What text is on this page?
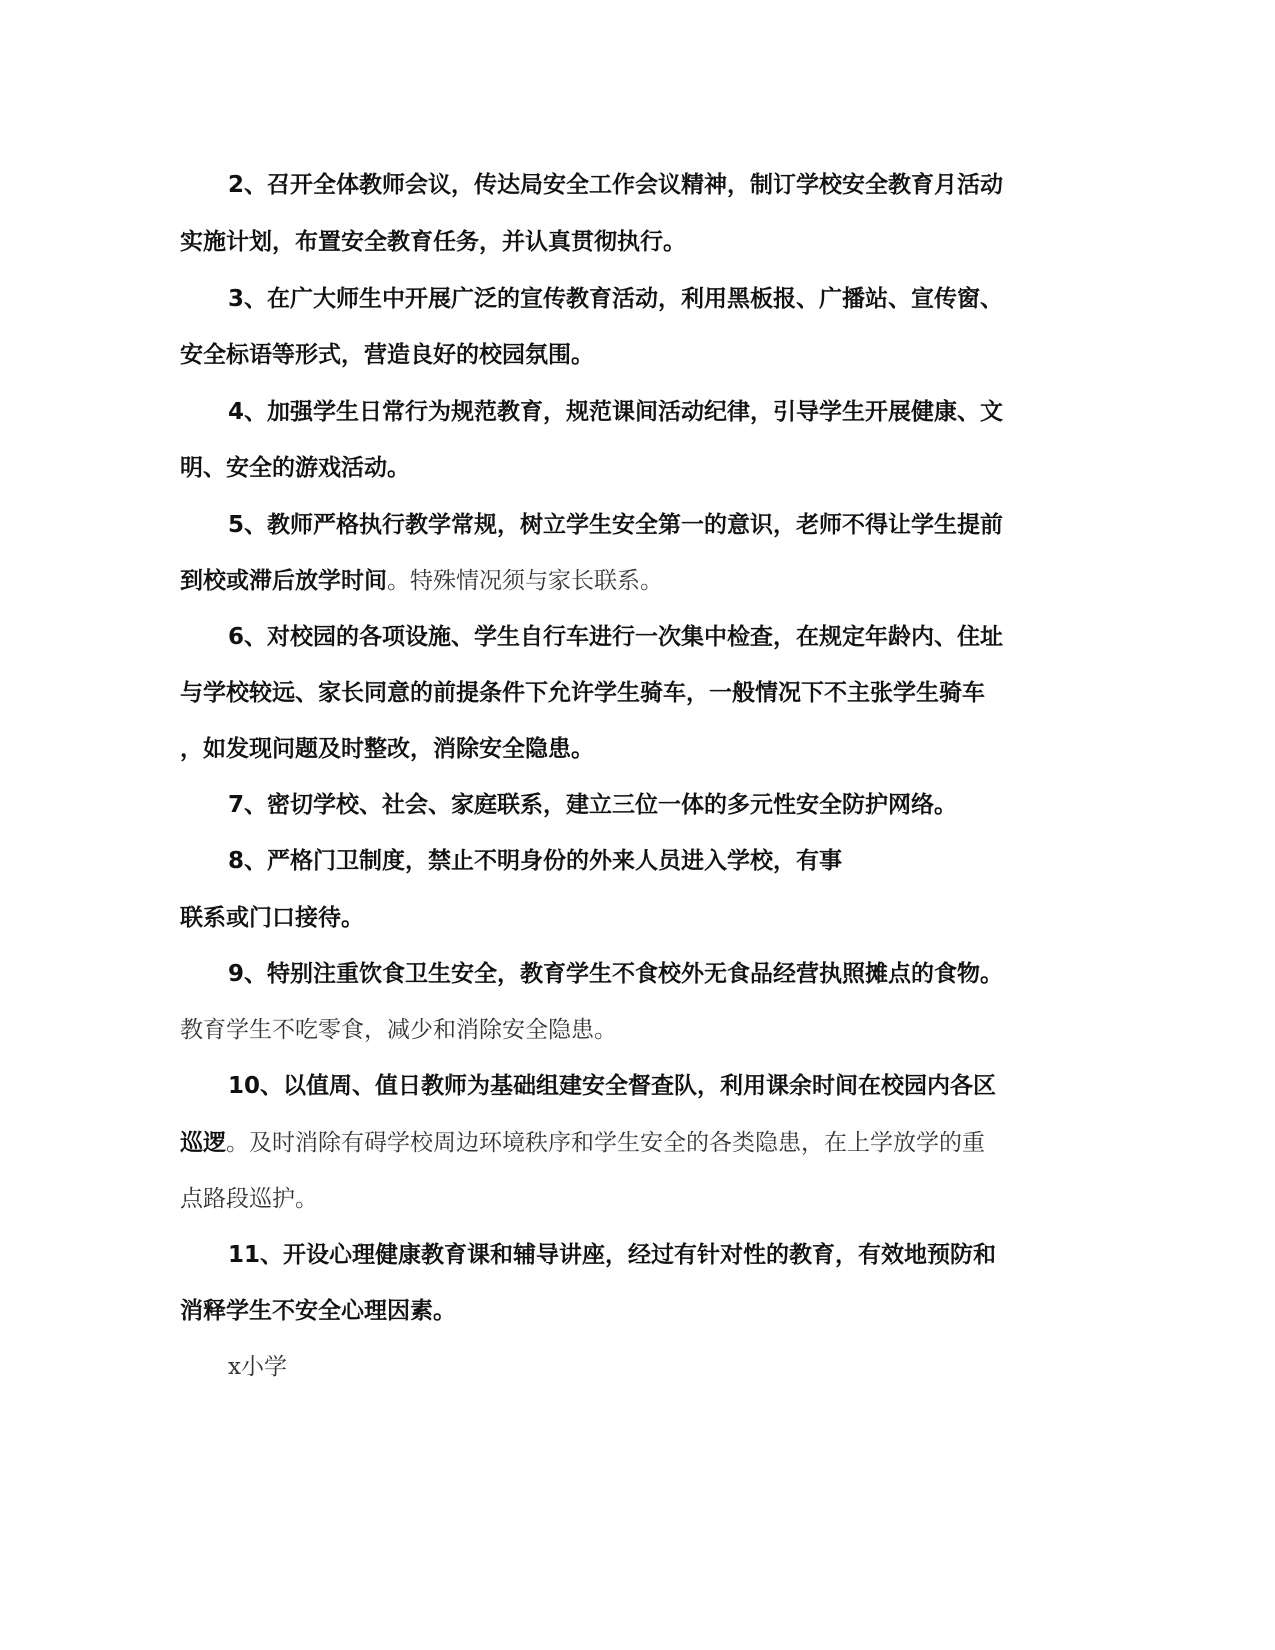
2、召开全体教师会议，传达局安全工作会议精神，制订学校安全教育月活动
实施计划，布置安全教育任务，并认真贯彻执行。
3、在广大师生中开展广泛的宣传教育活动，利用黑板报、广播站、宣传窗、
安全标语等形式，营造良好的校园氛围。
4、加强学生日常行为规范教育，规范课间活动纪律，引导学生开展健康、文
明、安全的游戏活动。
5、教师严格执行教学常规，树立学生安全第一的意识，老师不得让学生提前
到校或滞后放学时间。特殊情况须与家长联系。
6、对校园的各项设施、学生自行车进行一次集中检查，在规定年龄内、住址
与学校较远、家长同意的前提条件下允许学生骑车，一般情况下不主张学生骑车
，如发现问题及时整改，消除安全隐患。
7、密切学校、社会、家庭联系，建立三位一体的多元性安全防护网络。
8、严格门卫制度，禁止不明身份的外来人员进入学校，有事
联系或门口接待。
9、特别注重饮食卫生安全，教育学生不食校外无食品经营执照摊点的食物。
教育学生不吃零食，减少和消除安全隐患。
10、以值周、值日教师为基础组建安全督查队，利用课余时间在校园内各区
巡逻。及时消除有碍学校周边环境秩序和学生安全的各类隐患，在上学放学的重
点路段巡护。
11、开设心理健康教育课和辅导讲座，经过有针对性的教育，有效地预防和
消释学生不安全心理因素。
x小学
